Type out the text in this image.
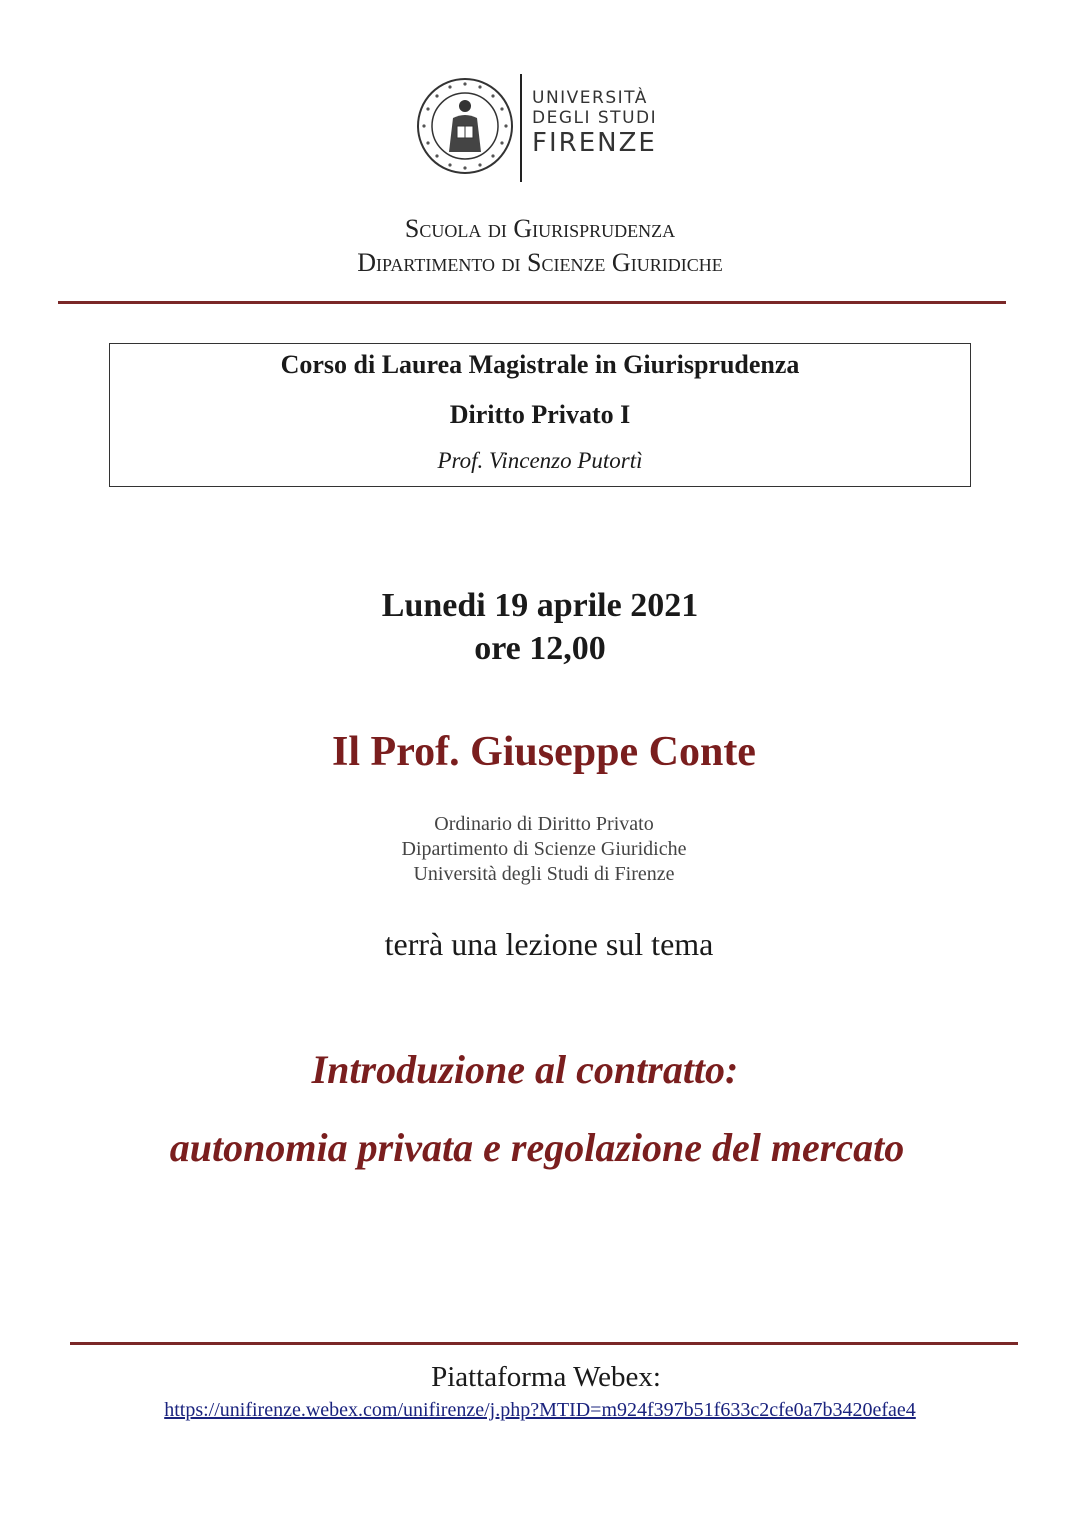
UNIVERSITÀ
DEGLI STUDI
FIRENZE
Scuola di Giurisprudenza
Dipartimento di Scienze Giuridiche
Corso di Laurea Magistrale in Giurisprudenza
Diritto Privato I
Prof. Vincenzo Putortì
Lunedi 19 aprile 2021
ore 12,00
Il Prof. Giuseppe Conte
Ordinario di Diritto Privato
Dipartimento di Scienze Giuridiche
Università degli Studi di Firenze
terrà una lezione sul tema
Introduzione al contratto:
autonomia privata e regolazione del mercato
Piattaforma Webex:
https://unifirenze.webex.com/unifirenze/j.php?MTID=m924f397b51f633c2cfe0a7b3420efae4
